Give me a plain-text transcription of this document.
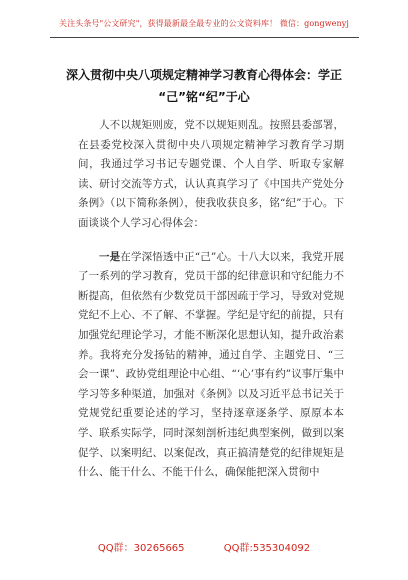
关注头条号"公文研究"，获得最新最全最专业的公文资料库！ 微信：gongwenyj
深入贯彻中央八项规定精神学习教育心得体会：学正
“己”铭“纪”于心

人不以规矩则废，党不以规矩则乱。按照县委部署，在县委党校深入贯彻中央八项规定精神学习教育学习期间，我通过学习书记专题党课、个人自学、听取专家解读、研讨交流等方式，认认真真学习了《中国共产党处分条例》（以下简称条例），使我收获良多，铭“纪”于心。下面谈谈个人学习心得体会：

一是在学深悟透中正“己”心。十八大以来，我党开展了一系列的学习教育，党员干部的纪律意识和守纪能力不断提高，但依然有少数党员干部因疏于学习，导致对党规党纪不上心、不了解、不掌握。学纪是守纪的前提，只有加强党纪理论学习，才能不断深化思想认知，提升政治素养。我将充分发扬钻的精神，通过自学、主题党日、“三会一课”、政协党组理论中心组、“‘心’事有约”议事厅集中学习等多种渠道，加强对《条例》以及习近平总书记关于党规党纪重要论述的学习，坚持逐章逐条学、原原本本学、联系实际学，同时深刻剖析违纪典型案例，做到以案促学、以案明纪、以案促改，真正搞清楚党的纪律规矩是什么、能干什么、不能干什么，确保能把深入贯彻中

QQ群：30265665	QQ群:535304092
